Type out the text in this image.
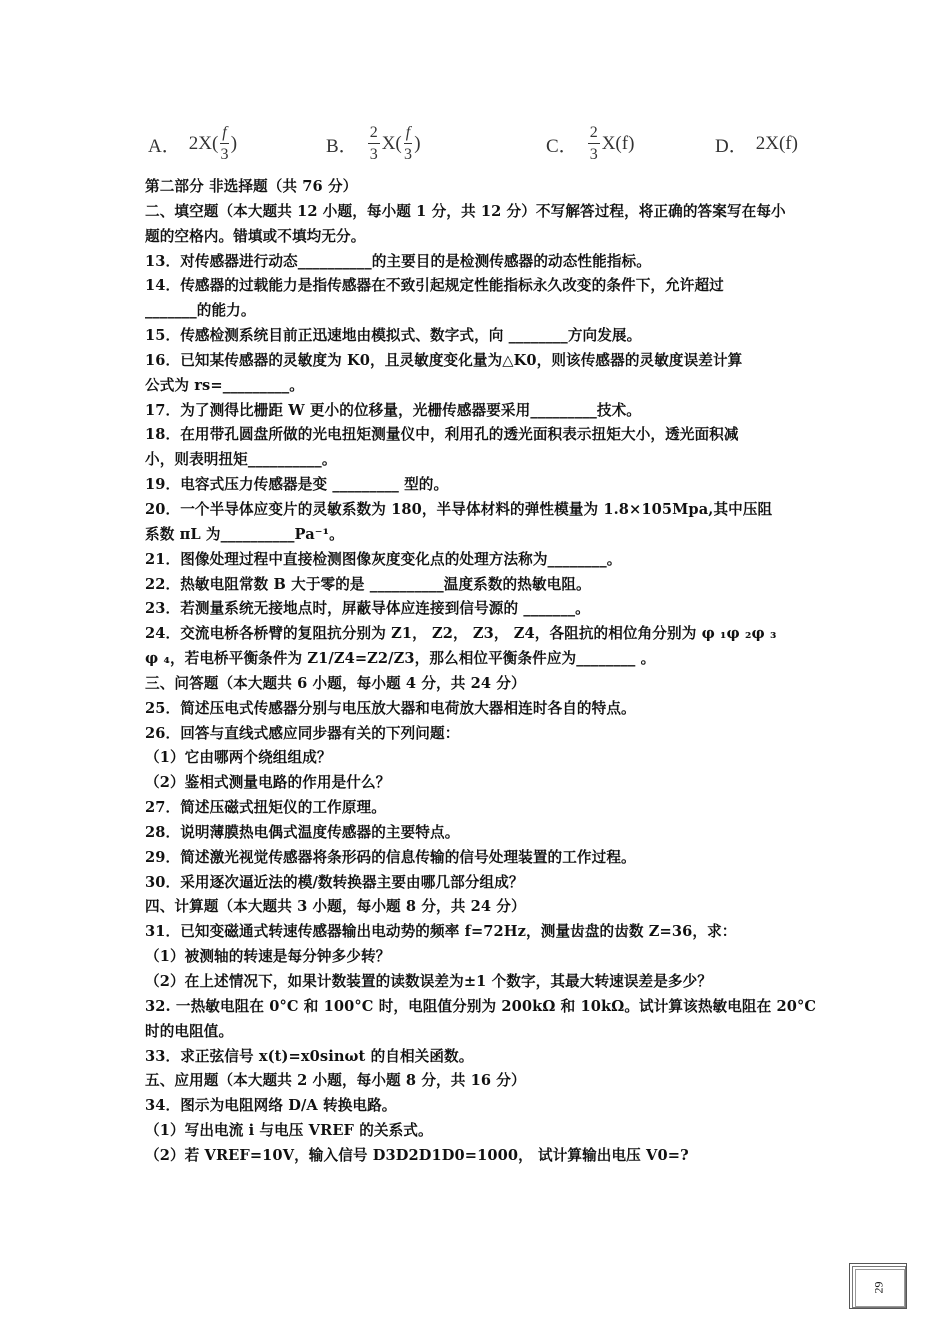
A． $2X( \frac{f}{3}$ )	B． $\frac{2}{3} X( \frac{f}{3}$ )	C． $\frac{2}{3} X(f)$	D． 2X(f)
第二部分 非选择题（共 76 分）
二、填空题（本大题共 12 小题，每小题 1 分，共 12 分）不写解答过程，将正确的答案写在每小
题的空格内。错填或不填均无分。
13．对传感器进行动态__________的主要目的是检测传感器的动态性能指标。
14．传感器的过载能力是指传感器在不致引起规定性能指标永久改变的条件下，允许超过
_______的能力。
15．传感检测系统目前正迅速地由模拟式、数字式，向 ________方向发展。
16．已知某传感器的灵敏度为 K0，且灵敏度变化量为△K0，则该传感器的灵敏度误差计算
公式为 rs=_________。
17．为了测得比栅距 W 更小的位移量，光栅传感器要采用_________技术。
18．在用带孔圆盘所做的光电扭矩测量仪中，利用孔的透光面积表示扭矩大小，透光面积减
小，则表明扭矩__________。
19．电容式压力传感器是变 _________ 型的。
20．一个半导体应变片的灵敏系数为 180，半导体材料的弹性模量为 1.8×105Mpa,其中压阻
系数 πL 为__________Pa⁻¹。
21．图像处理过程中直接检测图像灰度变化点的处理方法称为________。
22．热敏电阻常数 B 大于零的是 __________温度系数的热敏电阻。
23．若测量系统无接地点时，屏蔽导体应连接到信号源的 _______。
24．交流电桥各桥臂的复阻抗分别为 Z1， Z2， Z3， Z4，各阻抗的相位角分别为 φ ₁φ ₂φ ₃
φ ₄，若电桥平衡条件为 Z1/Z4=Z2/Z3，那么相位平衡条件应为________ 。
三、问答题（本大题共 6 小题，每小题 4 分，共 24 分）
25．简述压电式传感器分别与电压放大器和电荷放大器相连时各自的特点。
26．回答与直线式感应同步器有关的下列问题：
（1）它由哪两个绕组组成？
（2）鉴相式测量电路的作用是什么？
27．简述压磁式扭矩仪的工作原理。
28．说明薄膜热电偶式温度传感器的主要特点。
29．简述激光视觉传感器将条形码的信息传输的信号处理装置的工作过程。
30．采用逐次逼近法的模/数转换器主要由哪几部分组成？
四、计算题（本大题共 3 小题，每小题 8 分，共 24 分）
31．已知变磁通式转速传感器输出电动势的频率 f=72Hz，测量齿盘的齿数 Z=36，求：
（1）被测轴的转速是每分钟多少转？
（2）在上述情况下，如果计数装置的读数误差为±1 个数字，其最大转速误差是多少？
32. 一热敏电阻在 0°C 和 100°C 时，电阻值分别为 200kΩ 和 10kΩ。试计算该热敏电阻在 20°C
时的电阻值。
33．求正弦信号 x(t)=x0sinωt 的自相关函数。
五、应用题（本大题共 2 小题，每小题 8 分，共 16 分）
34．图示为电阻网络 D/A 转换电路。
（1）写出电流 i 与电压 VREF 的关系式。
（2）若 VREF=10V，输入信号 D3D2D1D0=1000， 试计算输出电压 V0=?
29
